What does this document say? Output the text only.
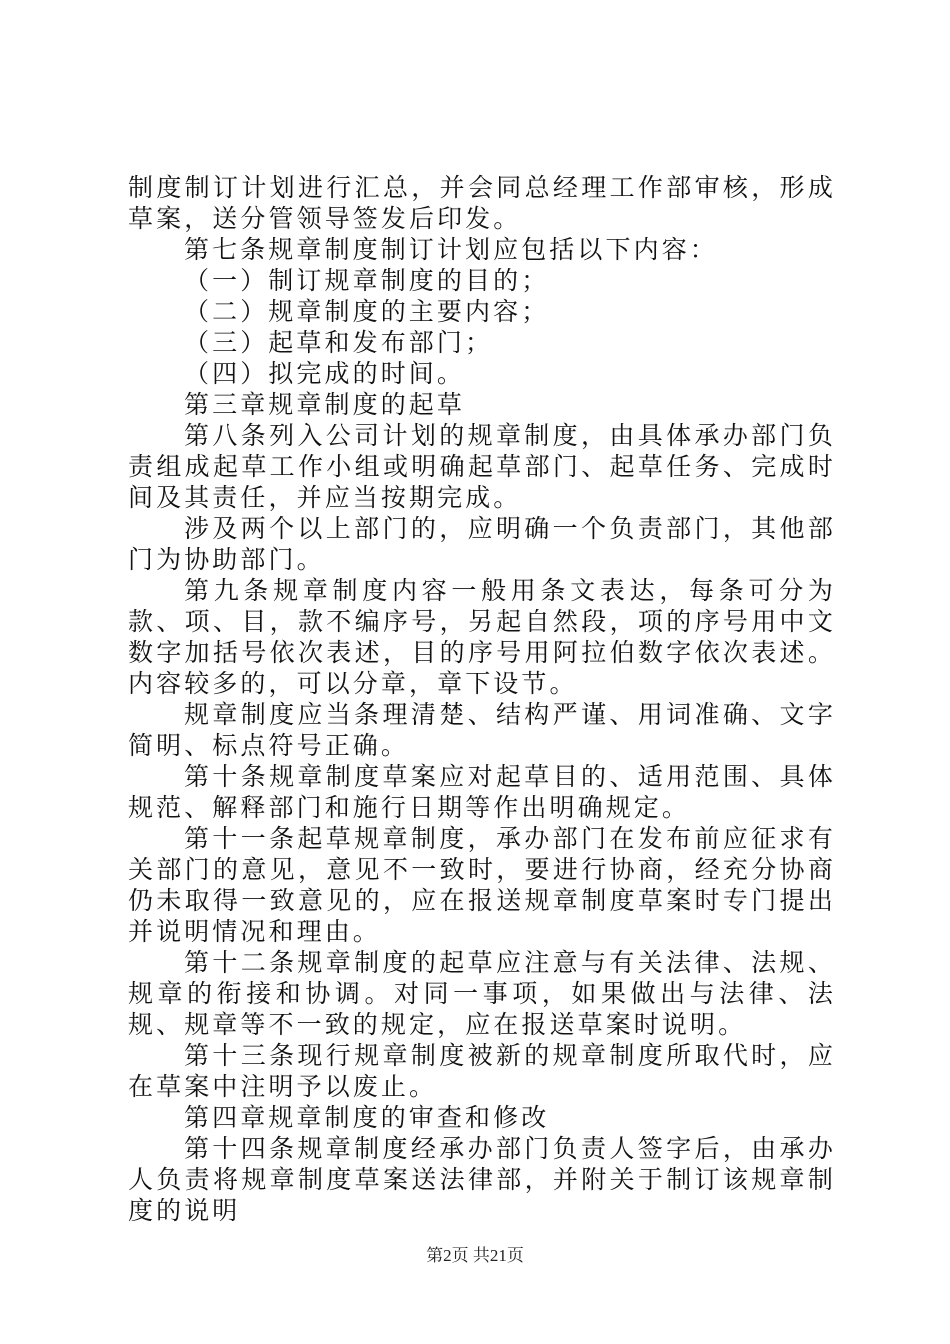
制度制订计划进行汇总，并会同总经理工作部审核，形成草案，送分管领导签发后印发。

第七条规章制度制订计划应包括以下内容：

（一）制订规章制度的目的；

（二）规章制度的主要内容；

（三）起草和发布部门；

（四）拟完成的时间。

第三章规章制度的起草

第八条列入公司计划的规章制度，由具体承办部门负责组成起草工作小组或明确起草部门、起草任务、完成时间及其责任，并应当按期完成。

涉及两个以上部门的，应明确一个负责部门，其他部门为协助部门。

第九条规章制度内容一般用条文表达，每条可分为款、项、目，款不编序号，另起自然段，项的序号用中文数字加括号依次表述，目的序号用阿拉伯数字依次表述。内容较多的，可以分章，章下设节。

规章制度应当条理清楚、结构严谨、用词准确、文字简明、标点符号正确。

第十条规章制度草案应对起草目的、适用范围、具体规范、解释部门和施行日期等作出明确规定。

第十一条起草规章制度，承办部门在发布前应征求有关部门的意见，意见不一致时，要进行协商，经充分协商仍未取得一致意见的，应在报送规章制度草案时专门提出并说明情况和理由。

第十二条规章制度的起草应注意与有关法律、法规、规章的衔接和协调。对同一事项，如果做出与法律、法规、规章等不一致的规定，应在报送草案时说明。

第十三条现行规章制度被新的规章制度所取代时，应在草案中注明予以废止。

第四章规章制度的审查和修改

第十四条规章制度经承办部门负责人签字后，由承办人负责将规章制度草案送法律部，并附关于制订该规章制度的说明

第2页 共21页
